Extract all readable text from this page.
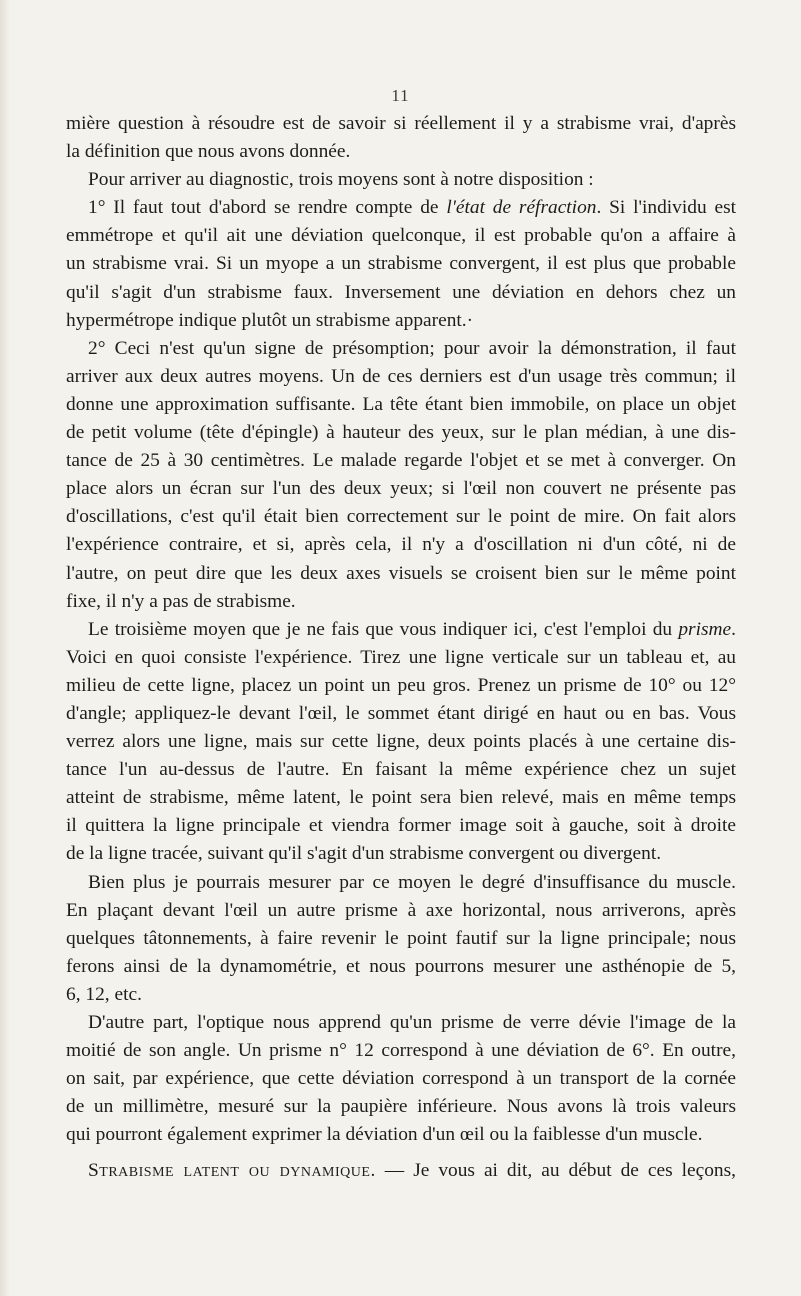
11
mière question à résoudre est de savoir si réellement il y a strabisme vrai, d'après
la définition que nous avons donnée.
Pour arriver au diagnostic, trois moyens sont à notre disposition :
1° Il faut tout d'abord se rendre compte de l'état de réfraction. Si l'individu est
emmétrope et qu'il ait une déviation quelconque, il est probable qu'on a affaire à
un strabisme vrai. Si un myope a un strabisme convergent, il est plus que probable
qu'il s'agit d'un strabisme faux. Inversement une déviation en dehors chez un
hypermétrope indique plutôt un strabisme apparent.·
2° Ceci n'est qu'un signe de présomption; pour avoir la démonstration, il faut
arriver aux deux autres moyens. Un de ces derniers est d'un usage très commun; il
donne une approximation suffisante. La tête étant bien immobile, on place un objet
de petit volume (tête d'épingle) à hauteur des yeux, sur le plan médian, à une dis-
tance de 25 à 30 centimètres. Le malade regarde l'objet et se met à converger. On
place alors un écran sur l'un des deux yeux; si l'œil non couvert ne présente pas
d'oscillations, c'est qu'il était bien correctement sur le point de mire. On fait alors
l'expérience contraire, et si, après cela, il n'y a d'oscillation ni d'un côté, ni de
l'autre, on peut dire que les deux axes visuels se croisent bien sur le même point
fixe, il n'y a pas de strabisme.
Le troisième moyen que je ne fais que vous indiquer ici, c'est l'emploi du prisme.
Voici en quoi consiste l'expérience. Tirez une ligne verticale sur un tableau et, au
milieu de cette ligne, placez un point un peu gros. Prenez un prisme de 10° ou 12°
d'angle; appliquez-le devant l'œil, le sommet étant dirigé en haut ou en bas. Vous
verrez alors une ligne, mais sur cette ligne, deux points placés à une certaine dis-
tance l'un au-dessus de l'autre. En faisant la même expérience chez un sujet
atteint de strabisme, même latent, le point sera bien relevé, mais en même temps
il quittera la ligne principale et viendra former image soit à gauche, soit à droite
de la ligne tracée, suivant qu'il s'agit d'un strabisme convergent ou divergent.
Bien plus je pourrais mesurer par ce moyen le degré d'insuffisance du muscle.
En plaçant devant l'œil un autre prisme à axe horizontal, nous arriverons, après
quelques tâtonnements, à faire revenir le point fautif sur la ligne principale; nous
ferons ainsi de la dynamométrie, et nous pourrons mesurer une asthénopie de 5,
6, 12, etc.
D'autre part, l'optique nous apprend qu'un prisme de verre dévie l'image de la
moitié de son angle. Un prisme n° 12 correspond à une déviation de 6°. En outre,
on sait, par expérience, que cette déviation correspond à un transport de la cornée
de un millimètre, mesuré sur la paupière inférieure. Nous avons là trois valeurs
qui pourront également exprimer la déviation d'un œil ou la faiblesse d'un muscle.
Strabisme latent ou dynamique. — Je vous ai dit, au début de ces leçons,
